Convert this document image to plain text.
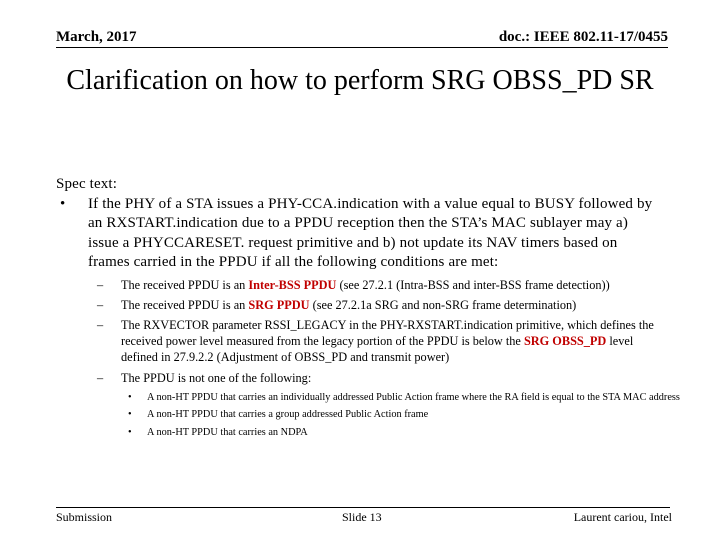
March, 2017	doc.: IEEE 802.11-17/0455
Clarification on how to perform SRG OBSS_PD SR
Spec text:
• If the PHY of a STA issues a PHY-CCA.indication with a value equal to BUSY followed by an RXSTART.indication due to a PPDU reception then the STA’s MAC sublayer may a) issue a PHYCCARESET. request primitive and b) not update its NAV timers based on frames carried in the PPDU if all the following conditions are met:
– The received PPDU is an Inter-BSS PPDU (see 27.2.1 (Intra-BSS and inter-BSS frame detection))
– The received PPDU is an SRG PPDU (see 27.2.1a SRG and non-SRG frame determination)
– The RXVECTOR parameter RSSI_LEGACY in the PHY-RXSTART.indication primitive, which defines the received power level measured from the legacy portion of the PPDU is below the SRG OBSS_PD level defined in 27.9.2.2 (Adjustment of OBSS_PD and transmit power)
– The PPDU is not one of the following:
• A non-HT PPDU that carries an individually addressed Public Action frame where the RA field is equal to the STA MAC address
• A non-HT PPDU that carries a group addressed Public Action frame
• A non-HT PPDU that carries an NDPA
Submission	Slide 13	Laurent cariou, Intel
